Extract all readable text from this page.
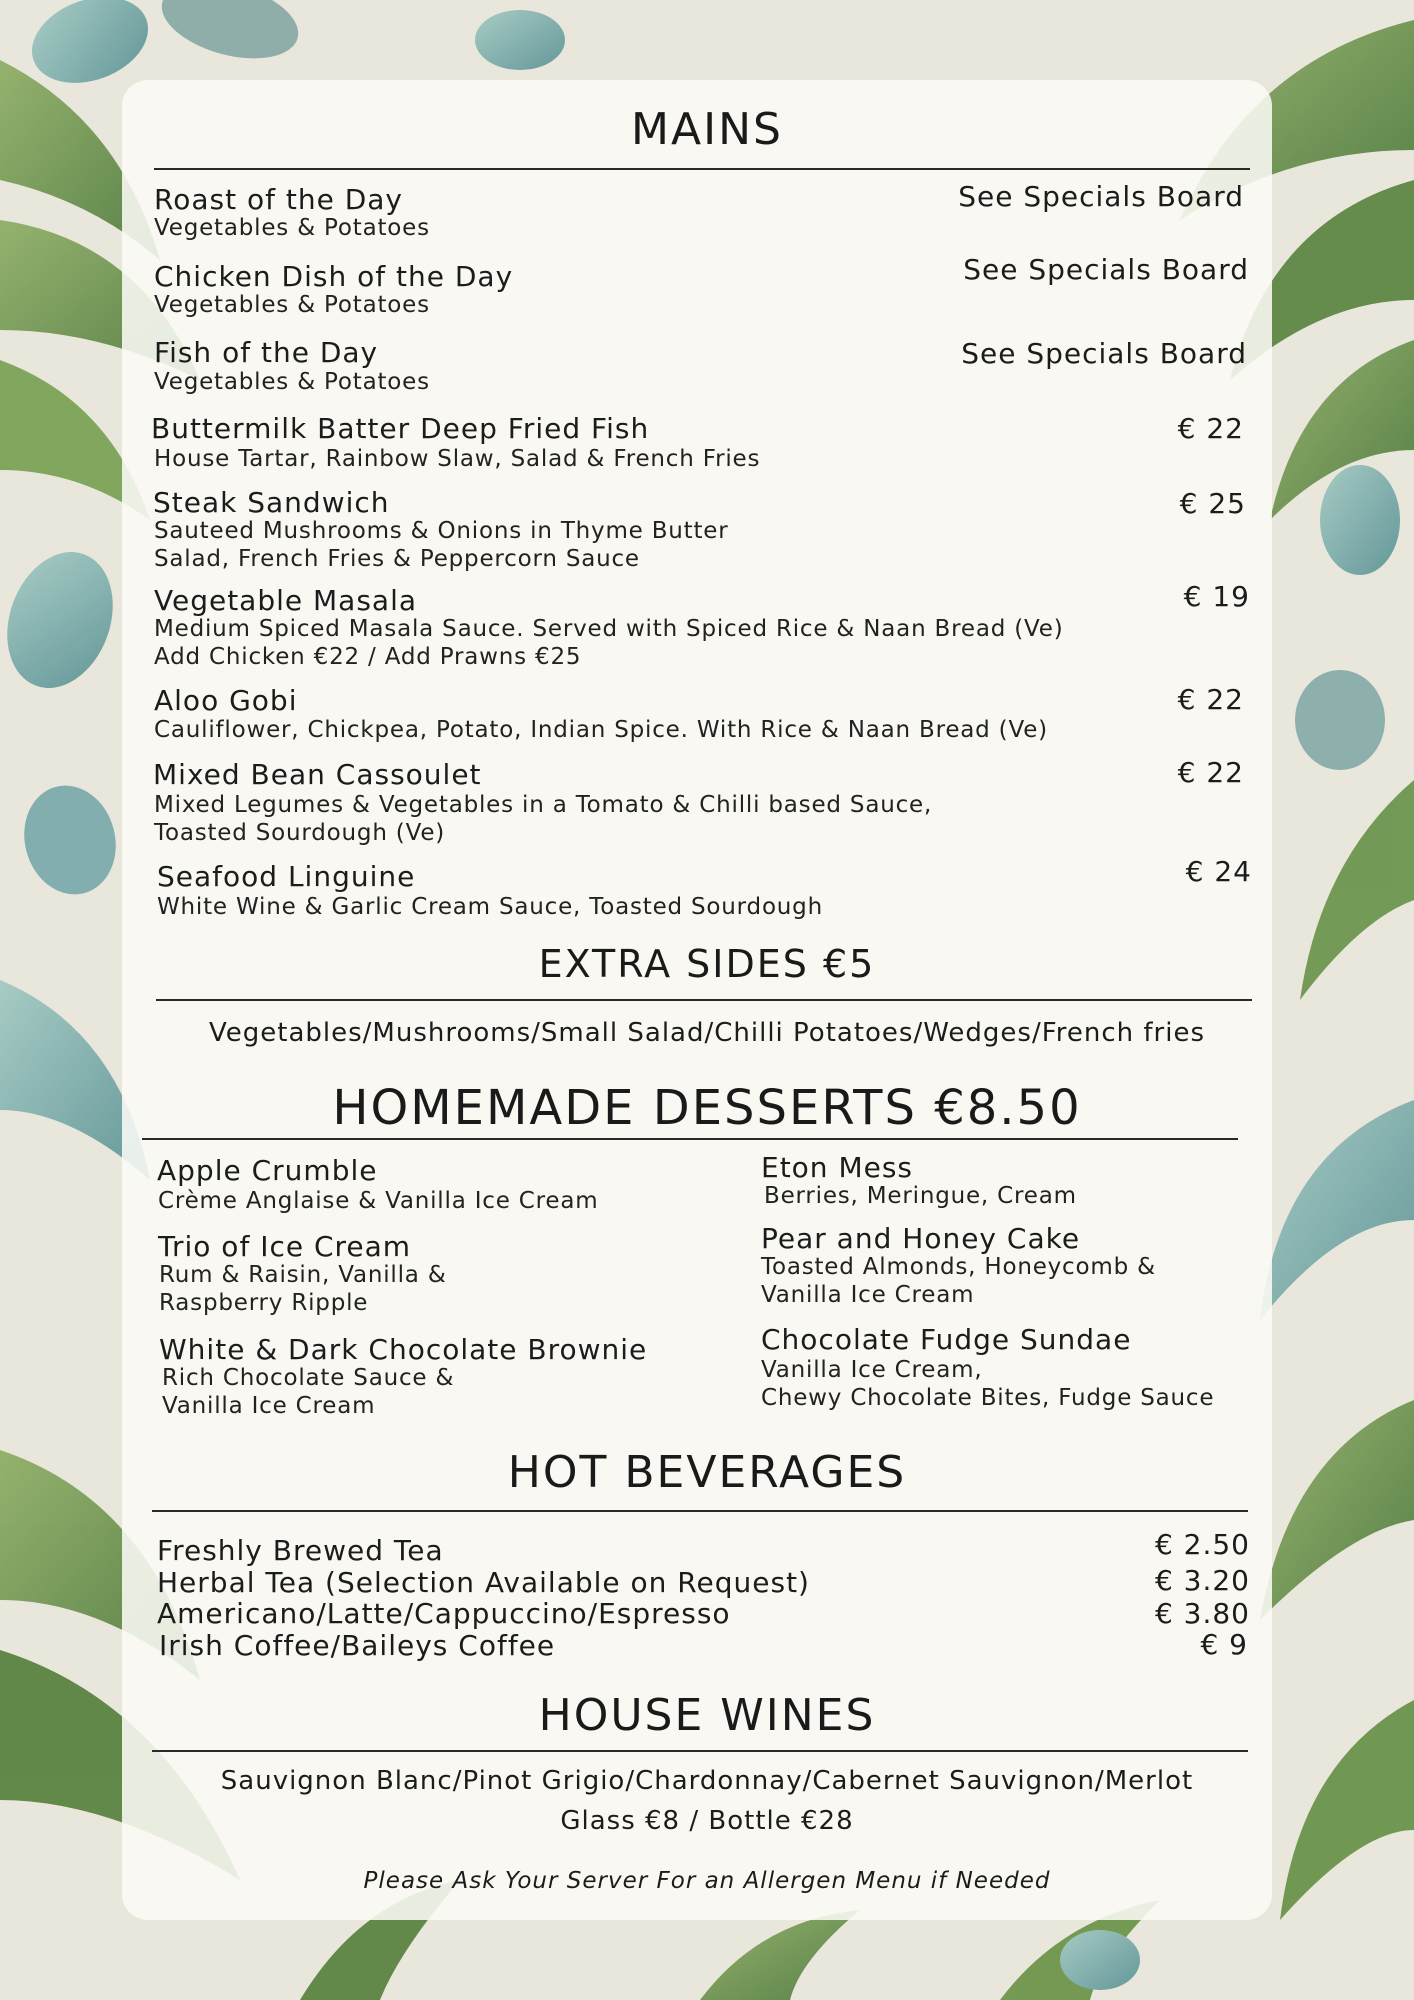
MAINS
Roast of the Day
Vegetables & Potatoes
See Specials Board
Chicken Dish of the Day
Vegetables & Potatoes
See Specials Board
Fish of the Day
Vegetables & Potatoes
See Specials Board
Buttermilk Batter Deep Fried Fish
House Tartar, Rainbow Slaw, Salad & French Fries
€ 22
Steak Sandwich
Sauteed Mushrooms & Onions in Thyme Butter
Salad, French Fries & Peppercorn Sauce
€ 25
Vegetable Masala
Medium Spiced Masala Sauce. Served with Spiced Rice & Naan Bread (Ve)
Add Chicken €22 / Add Prawns €25
€ 19
Aloo Gobi
Cauliflower, Chickpea, Potato, Indian Spice. With Rice & Naan Bread (Ve)
€ 22
Mixed Bean Cassoulet
Mixed Legumes & Vegetables in a Tomato & Chilli based Sauce,
Toasted Sourdough (Ve)
€ 22
Seafood Linguine
White Wine & Garlic Cream Sauce, Toasted Sourdough
€ 24
EXTRA SIDES €5
Vegetables/Mushrooms/Small Salad/Chilli Potatoes/Wedges/French fries
HOMEMADE DESSERTS €8.50
Apple Crumble
Crème Anglaise & Vanilla Ice Cream
Trio of Ice Cream
Rum & Raisin, Vanilla &
Raspberry Ripple
White & Dark Chocolate Brownie
Rich Chocolate Sauce &
Vanilla Ice Cream
Eton Mess
Berries, Meringue, Cream
Pear and Honey Cake
Toasted Almonds, Honeycomb &
Vanilla Ice Cream
Chocolate Fudge Sundae
Vanilla Ice Cream,
Chewy Chocolate Bites, Fudge Sauce
HOT BEVERAGES
Freshly Brewed Tea
Herbal Tea (Selection Available on Request)
Americano/Latte/Cappuccino/Espresso
Irish Coffee/Baileys Coffee
€ 2.50
€ 3.20
€ 3.80
€ 9
HOUSE WINES
Sauvignon Blanc/Pinot Grigio/Chardonnay/Cabernet Sauvignon/Merlot
Glass €8 / Bottle €28
Please Ask Your Server For an Allergen Menu if Needed
